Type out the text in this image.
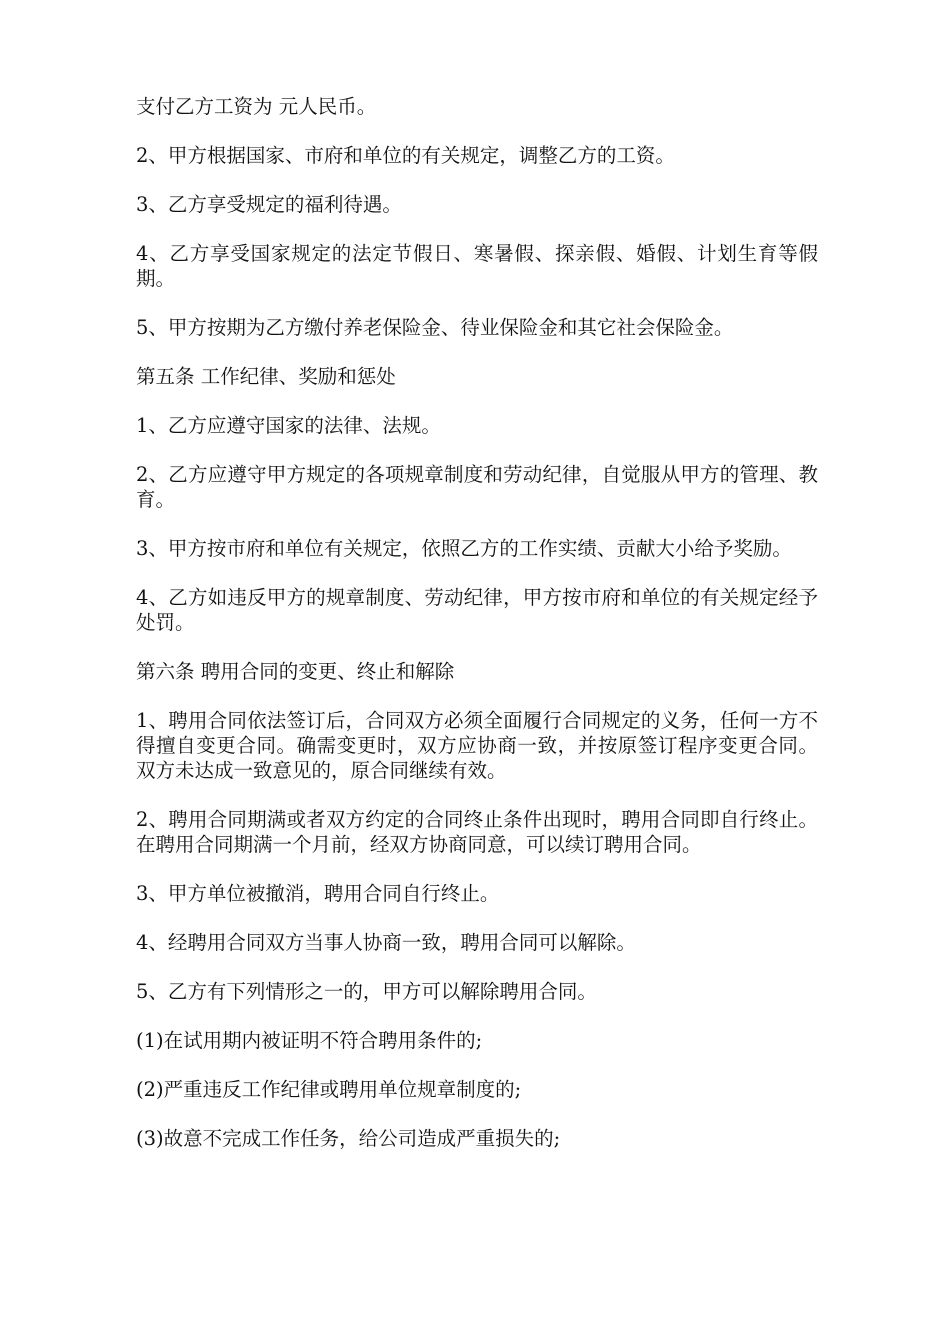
支付乙方工资为 元人民币。

2、甲方根据国家、市府和单位的有关规定，调整乙方的工资。

3、乙方享受规定的福利待遇。

4、乙方享受国家规定的法定节假日、寒暑假、探亲假、婚假、计划生育等假期。

5、甲方按期为乙方缴付养老保险金、待业保险金和其它社会保险金。

第五条 工作纪律、奖励和惩处

1、乙方应遵守国家的法律、法规。

2、乙方应遵守甲方规定的各项规章制度和劳动纪律，自觉服从甲方的管理、教育。

3、甲方按市府和单位有关规定，依照乙方的工作实绩、贡献大小给予奖励。

4、乙方如违反甲方的规章制度、劳动纪律，甲方按市府和单位的有关规定经予处罚。

第六条 聘用合同的变更、终止和解除

1、聘用合同依法签订后，合同双方必须全面履行合同规定的义务，任何一方不得擅自变更合同。确需变更时，双方应协商一致，并按原签订程序变更合同。双方未达成一致意见的，原合同继续有效。

2、聘用合同期满或者双方约定的合同终止条件出现时，聘用合同即自行终止。在聘用合同期满一个月前，经双方协商同意，可以续订聘用合同。

3、甲方单位被撤消，聘用合同自行终止。

4、经聘用合同双方当事人协商一致，聘用合同可以解除。

5、乙方有下列情形之一的，甲方可以解除聘用合同。

(1)在试用期内被证明不符合聘用条件的;

(2)严重违反工作纪律或聘用单位规章制度的;

(3)故意不完成工作任务，给公司造成严重损失的;
